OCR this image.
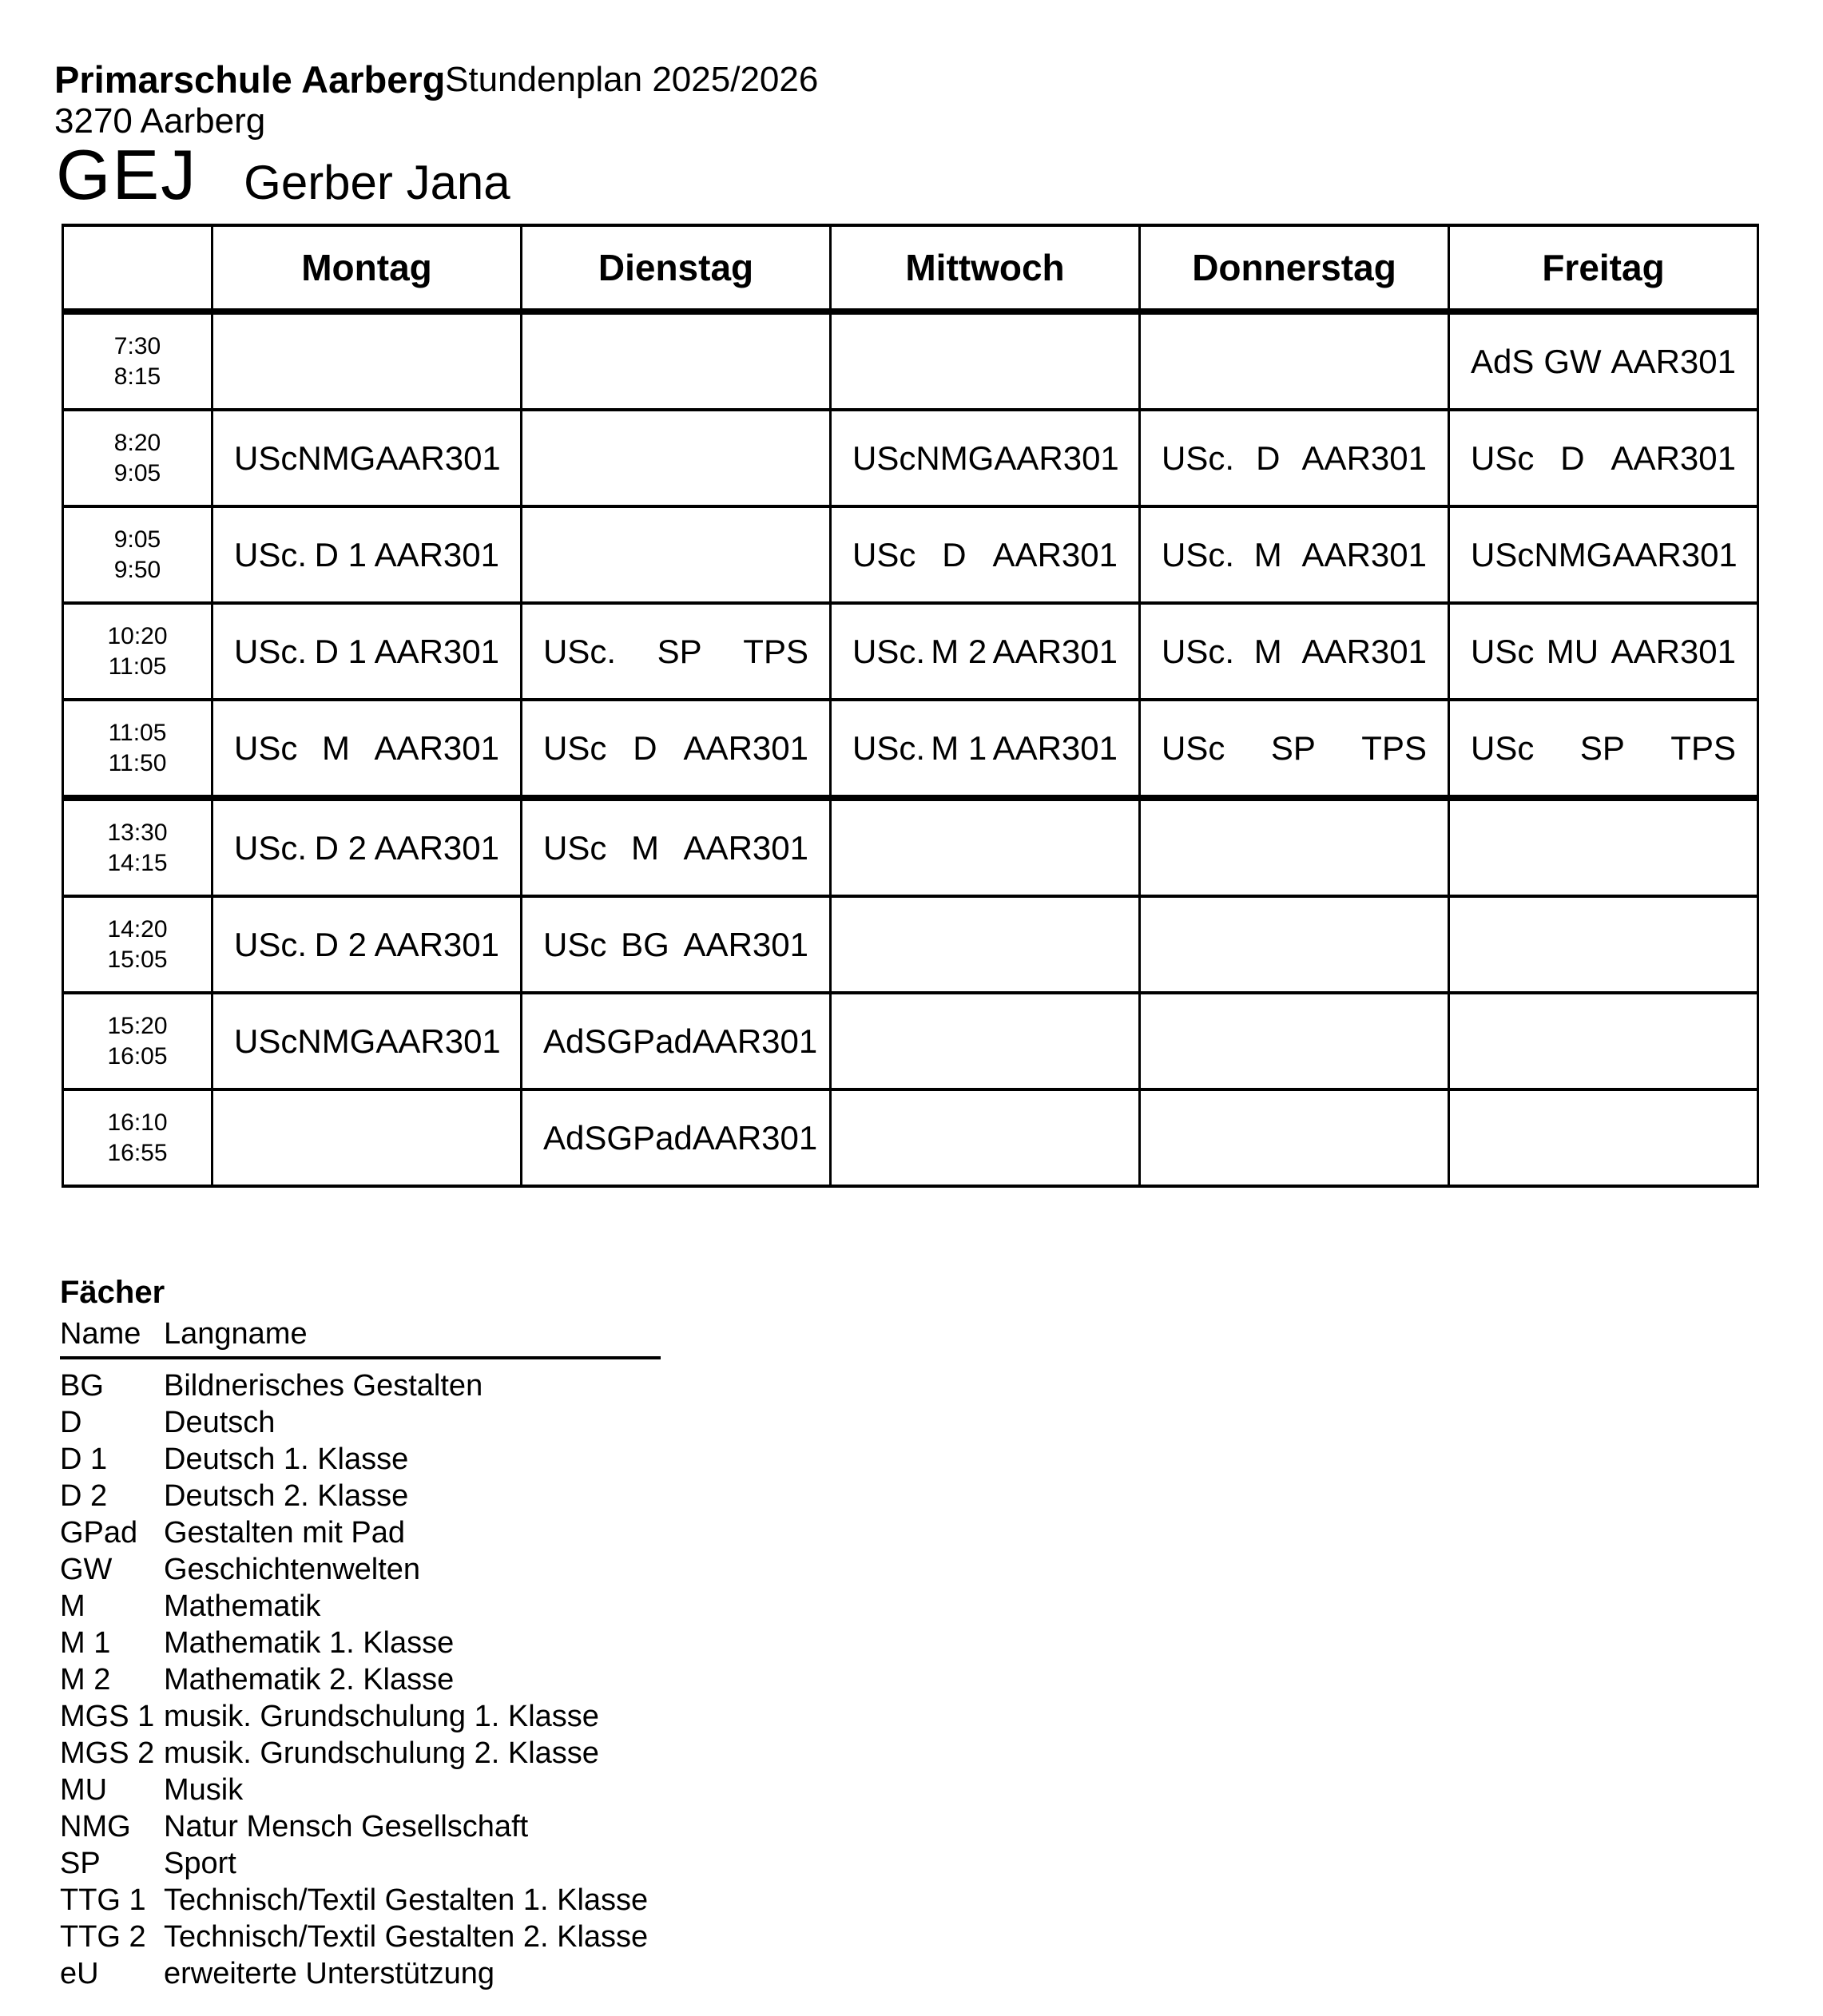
Primarschule Aarberg Stundenplan 2025/2026
3270 Aarberg
GEJ Gerber Jana
	Montag	Dienstag	Mittwoch	Donnerstag	Freitag

7:30
8:15					AdS GW AAR301

8:20
9:05	USc NMG AAR301		USc NMG AAR301	USc. D AAR301	USc D AAR301

9:05
9:50	USc. D 1 AAR301		USc D AAR301	USc. M AAR301	USc NMG AAR301

10:20
11:05	USc. D 1 AAR301	USc. SP TPS	USc. M 2 AAR301	USc. M AAR301	USc MU AAR301

11:05
11:50	USc M AAR301	USc D AAR301	USc. M 1 AAR301	USc SP TPS	USc SP TPS

13:30
14:15	USc. D 2 AAR301	USc M AAR301

14:20
15:05	USc. D 2 AAR301	USc BG AAR301

15:20
16:05	USc NMG AAR301	AdS GPad AAR301

16:10
16:55		AdS GPad AAR301

Fächer
Name Langname
BG	Bildnerisches Gestalten
D	Deutsch
D 1	Deutsch 1. Klasse
D 2	Deutsch 2. Klasse
GPad Gestalten mit Pad
GW	Geschichtenwelten
M	Mathematik
M 1	Mathematik 1. Klasse
M 2	Mathematik 2. Klasse
MGS 1 musik. Grundschulung 1. Klasse
MGS 2 musik. Grundschulung 2. Klasse
MU	Musik
NMG	Natur Mensch Gesellschaft
SP	Sport
TTG 1 Technisch/Textil Gestalten 1. Klasse
TTG 2 Technisch/Textil Gestalten 2. Klasse
eU	erweiterte Unterstützung
